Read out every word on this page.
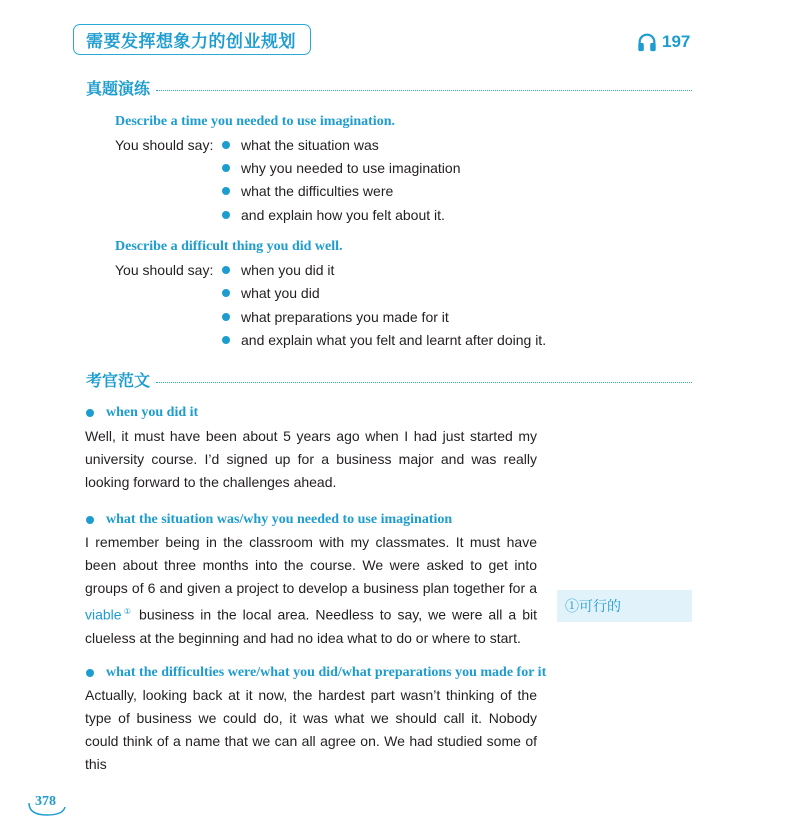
需要发挥想象力的创业规划	197
真题演练
Describe a time you needed to use imagination.
You should say: what the situation was
why you needed to use imagination
what the difficulties were
and explain how you felt about it.
Describe a difficult thing you did well.
You should say: when you did it
what you did
what preparations you made for it
and explain what you felt and learnt after doing it.
考官范文
when you did it
Well, it must have been about 5 years ago when I had just started my university course. I’d signed up for a business major and was really looking forward to the challenges ahead.
what the situation was/why you needed to use imagination
I remember being in the classroom with my classmates. It must have been about three months into the course. We were asked to get into groups of 6 and given a project to develop a business plan together for a viable① business in the local area. Needless to say, we were all a bit clueless at the beginning and had no idea what to do or where to start.
what the difficulties were/what you did/what preparations you made for it
Actually, looking back at it now, the hardest part wasn’t thinking of the type of business we could do, it was what we should call it. Nobody could think of a name that we can all agree on. We had studied some of this
①可行的
378
